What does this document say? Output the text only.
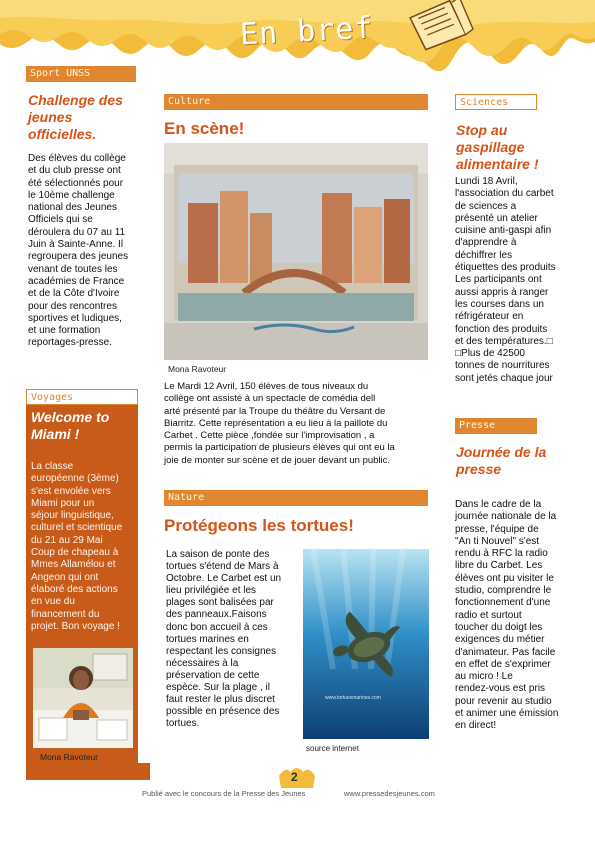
En bref
Sport UNSS
Challenge des
jeunes
officielles.

Des élèves du collège

et du club presse ont

été sélectionnés pour

le 10ème challenge

national des Jeunes

Officiels qui se

déroulera du 07 au 11

Juin à Sainte-Anne. Il

regroupera des jeunes

venant de toutes les

académies de France

et de la Côte d'Ivoire

pour des rencontres

sportives et ludiques,

et une formation

reportages-presse.

Voyages
Welcome to
Miami !

La classe

européenne (3ème)

s'est envolée vers

Miami pour un

séjour linguistique,

culturel et scientique

du 21 au 29 Mai

Coup de chapeau à

Mmes Allamélou et

Angeon qui ont

élaboré des actions

en vue du

financement du

projet. Bon voyage !

Mona Ravoteur
Culture
En scène!
Mona Ravoteur

Le Mardi 12 Avril, 150 élèves de tous niveaux du

collège ont assisté à un spectacle de comédia dell

arté présenté par la Troupe du théâtre du Versant de

Biarritz. Cette représentation a eu lieu à la paillote du

Carbet . Cette pièce ,fondée sur l'improvisation , a

permis la participation de plusieurs élèves qui ont eu la

joie de monter sur scène et de jouer devant un public.

Nature
Protégeons les tortues!

La saison de ponte des

tortues s'étend de Mars à

Octobre. Le Carbet est un

lieu privilégiée et les

plages sont balisées par

des panneaux.Faisons

donc bon accueil à ces

tortues marines en

respectant les consignes

nécessaires à la

préservation de cette

espèce. Sur la plage , il

faut rester le plus discret

possible en présence des

tortues.

www.tortuesmarines.com
source internet
Sciences
Stop au
gaspillage
alimentaire !

Lundi 18 Avril,

l'association du carbet

de sciences a

présenté un atelier

cuisine anti-gaspi afin

d'apprendre à

déchiffrer les

étiquettes des produits

Les participants ont

aussi appris à ranger

les courses dans un

réfrigérateur en

fonction des produits

et des températures.□

□Plus de 42500

tonnes de nourritures

sont jetés chaque jour

Presse
Journée de la
presse

Dans le cadre de la

journée nationale de la

presse, l'équipe de

"An ti Nouvel" s'est

rendu à RFC la radio

libre du Carbet. Les

élèves ont pu visiter le

studio, comprendre le

fonctionnement d'une

radio et surtout

toucher du doigt les

exigences du métier

d'animateur. Pas facile

en effet de s'exprimer

au micro ! Le

rendez-vous est pris

pour revenir au studio

et animer une émission

en direct!

2
Publié avec le concours de la Presse des Jeunes	www.pressedesjeunes.com
